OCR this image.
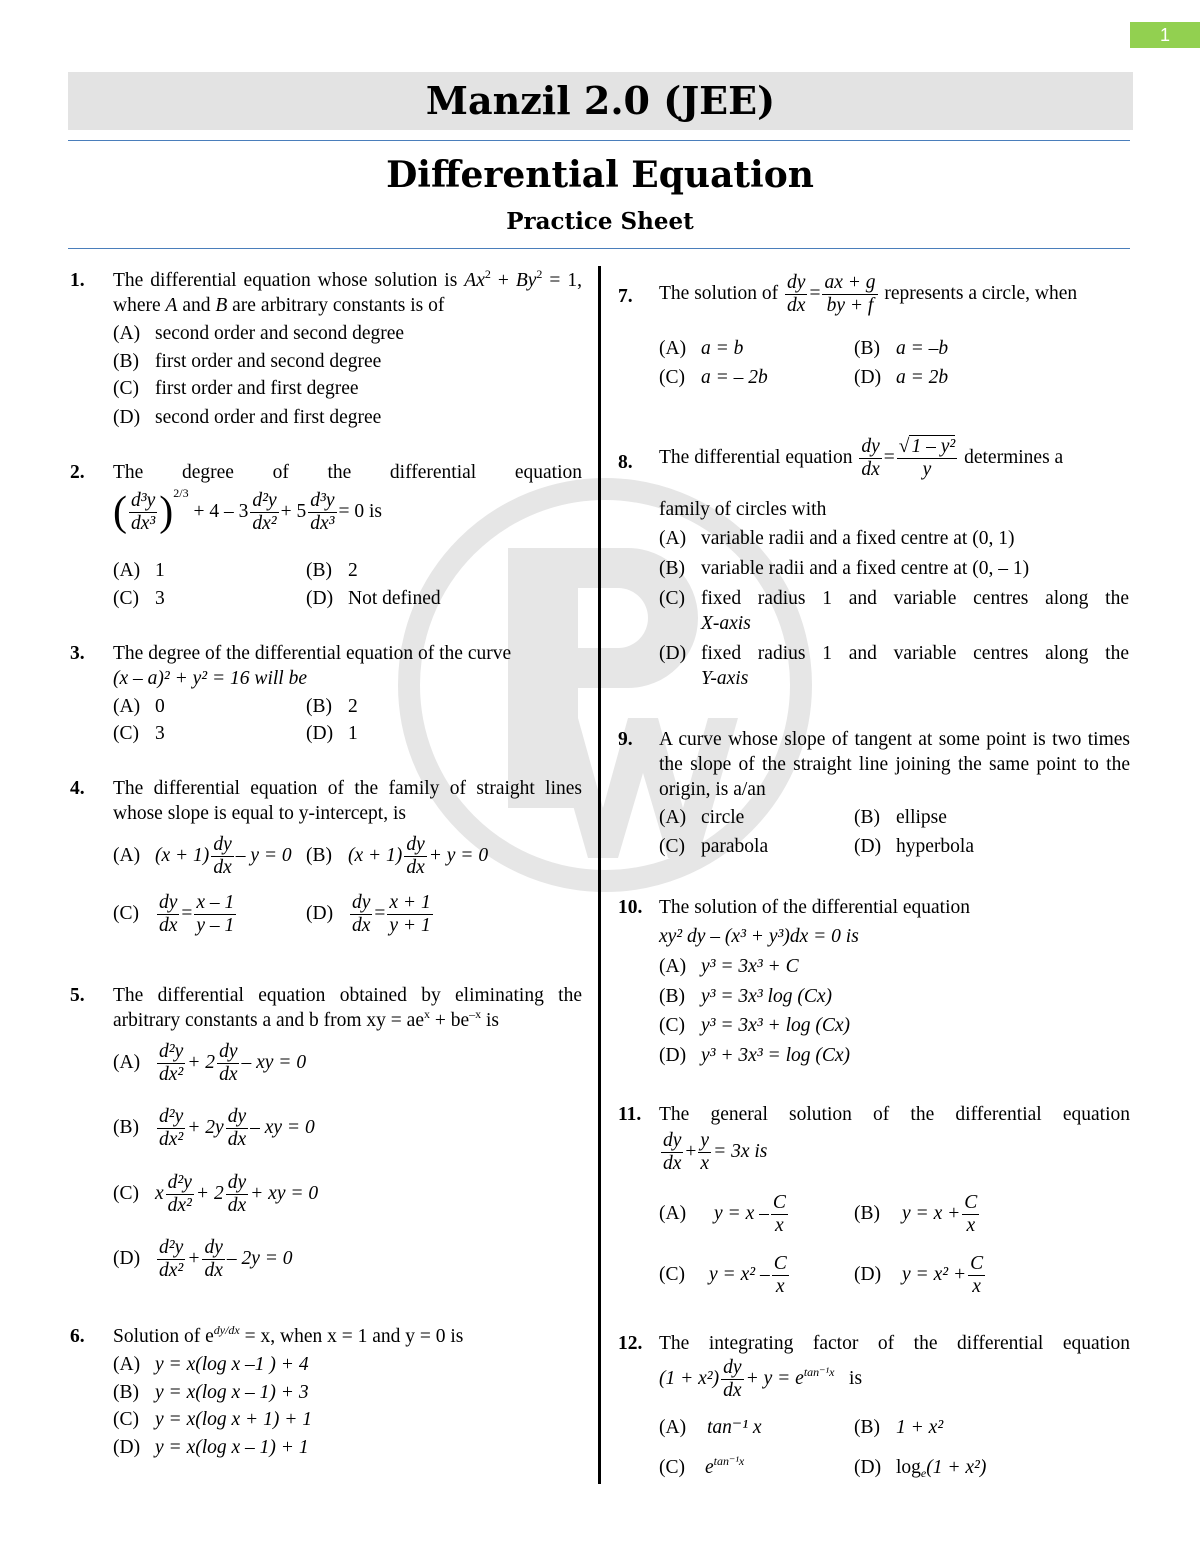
1
Manzil 2.0 (JEE)
Differential Equation
Practice Sheet
1. The differential equation whose solution is $Ax^2 + By^2 = 1$, where A and B are arbitrary constants is of
(A) second order and second degree
(B) first order and second degree
(C) first order and first degree
(D) second order and first degree
2. The degree of the differential equation
( $\frac{\text{d³y}}{\text{dx³}} )^{2/3} + 4 - 3 \frac{\text{d²y}}{\text{dx²}} + 5 \frac{\text{d³y}}{\text{dx³}} = 0$ is
(A) 1	(B) 2
(C) 3	(D) Not defined
3. The degree of the differential equation of the curve
(x – a)² + y² = 16 will be
(A) 0	(B) 2
(C) 3	(D) 1
4. The differential equation of the family of straight lines whose slope is equal to y-intercept, is
(A) $(x + 1) \frac{dy}{dx} - y = 0$ (B) $(x + 1) \frac{dy}{dx} + y = 0$
$(C) \frac{dy}{dx} = \frac{x - 1}{y - 1}$	$(D) \frac{dy}{dx} = \frac{x + 1}{y + 1}$
5. The differential equation obtained by eliminating the arbitrary constants a and b from xy = $ae^x + be^{-x}$ is
$(A) \frac{\text{d²y}}{\text{dx²}} + 2 \frac{dy}{dx}$ – xy = 0
$(B) \frac{\text{d²y}}{\text{dx²}} + 2y \frac{dy}{dx}$ – xy = 0
(C) x $\frac{\text{d²y}}{\text{dx²}} + 2 \frac{dy}{dx}$ + xy = 0
$(D) \frac{\text{d²y}}{\text{dx²}} + \frac{dy}{dx} - 2y = 0$
6. Solution of $e^{dy/dx} = x$, when x = 1 and y = 0 is
(A) y = x(log x –1 ) + 4
(B) y = x(log x – 1) + 3
(C) y = x(log x + 1) + 1
(D) y = x(log x – 1) + 1
7. The solution of $\frac{dy}{dx} = \frac{ax + g}{by + f}$ represents a circle, when
(A) a = b	(B) a = –b
(C) a = – 2b	(D) a = 2b
8. The differential equation $\frac{dy}{dx} = \frac{\text{√ 1 – y²}}{y}$ determines a
family of circles with
(A) variable radii and a fixed centre at (0, 1)
(B) variable radii and a fixed centre at (0, – 1)
(C) fixed radius 1 and variable centres along the
X-axis
(D) fixed radius 1 and variable centres along the
Y-axis
9. A curve whose slope of tangent at some point is two times the slope of the straight line joining the same point to the origin, is a/an
(A) circle	(B) ellipse
(C) parabola	(D) hyperbola
10. The solution of the differential equation
xy² dy – (x³ + y³)dx = 0 is
(A) y³ = 3x³ + C
(B) y³ = 3x³ log (Cx)
(C) y³ = 3x³ + log (Cx)
(D) y³ + 3x³ = log (Cx)
11. The general solution of the differential equation
$\frac{dy}{dx} + \frac{y}{x} = 3x$ is
(A) $y = x - \frac{C}{x}$	(B) $y = x + \frac{C}{x}$
(C) $y = x^2 - \frac{C}{x}$	(D) $y = x^2 + \frac{C}{x}$
12. The integrating factor of the differential equation
$(1 + x^2) \frac{dy}{dx} + y = e^{tan^{-1}x}$ is
(A) tan⁻¹ x	(B) 1 + x²
(C) $e^{tan^{-1}x}$	(D) $\log_e(1 + x^2)$
